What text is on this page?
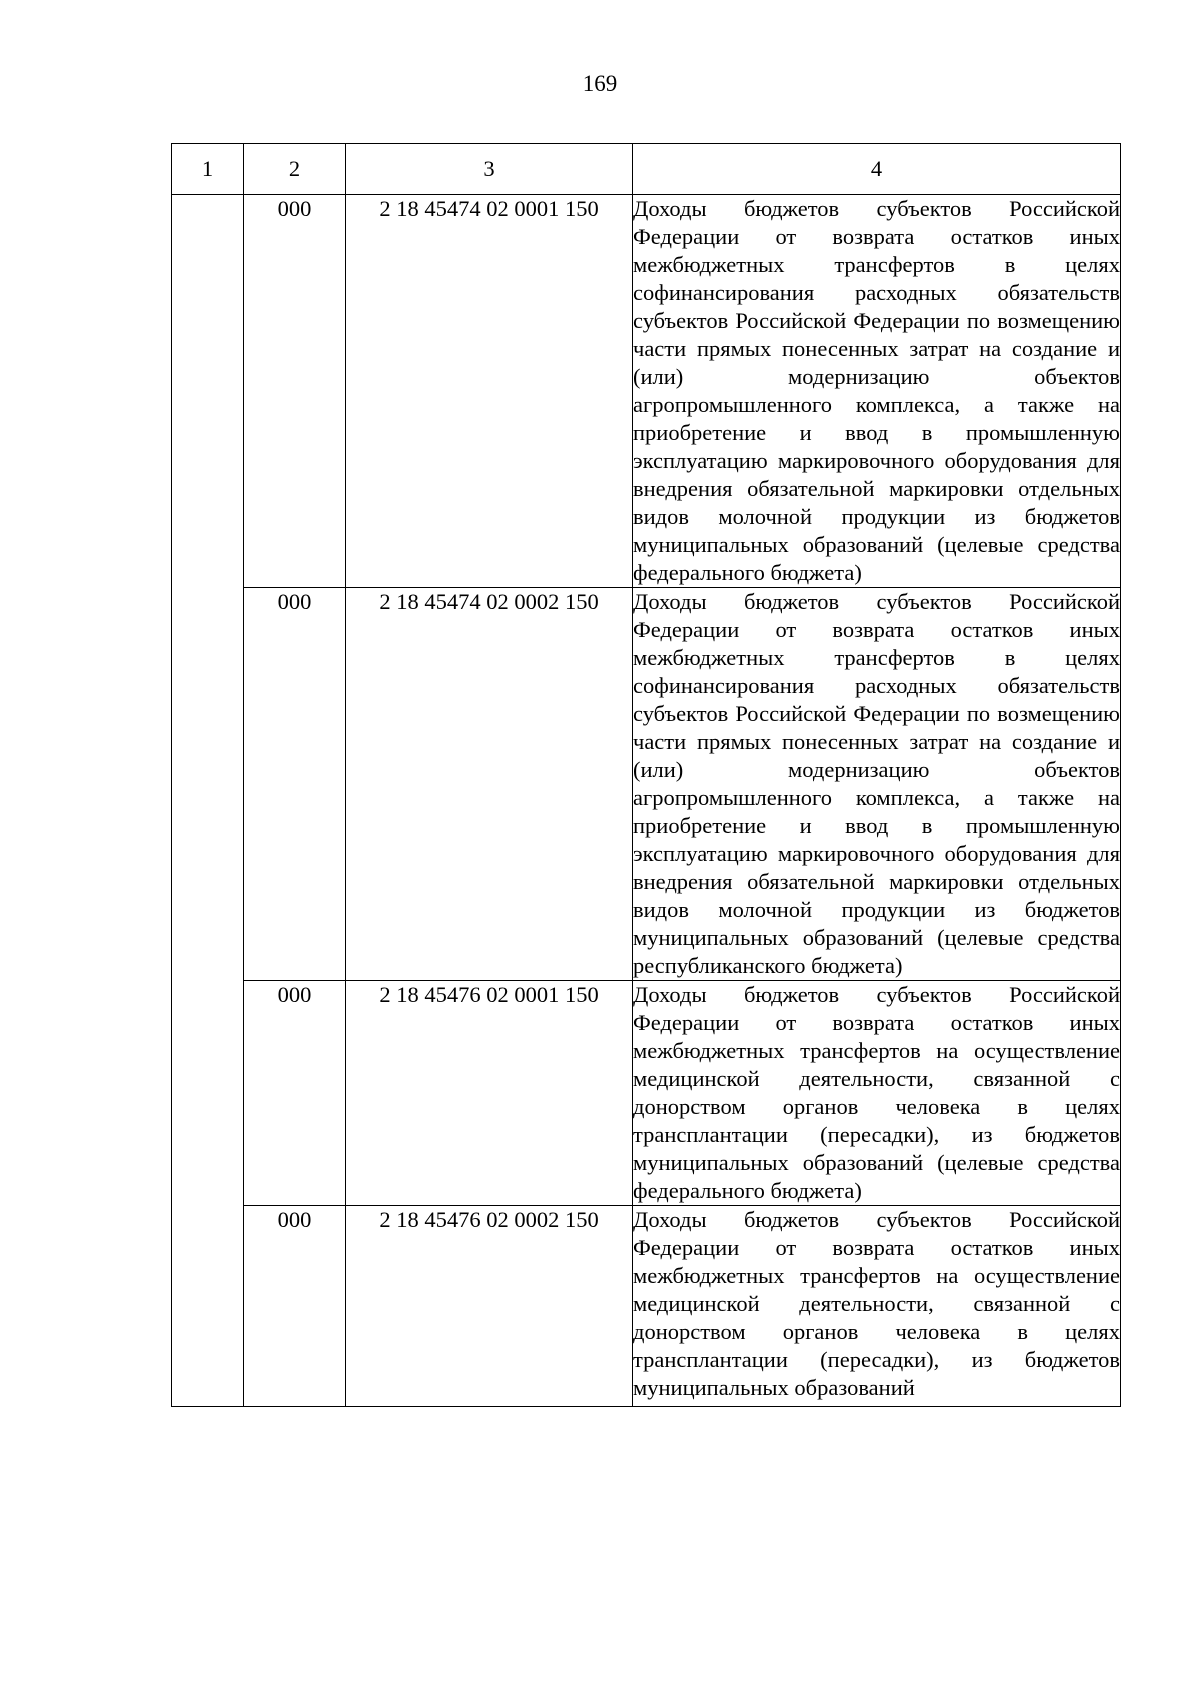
169
1	2	3	4
	000	2 18 45474 02 0001 150	Доходы бюджетов субъектов Российской Федерации от возврата остатков иных межбюджетных трансфертов в целях софинансирования расходных обязательств субъектов Российской Федерации по возмещению части прямых понесенных затрат на создание и (или) модернизацию объектов агропромышленного комплекса, а также на приобретение и ввод в промышленную эксплуатацию маркировочного оборудования для внедрения обязательной маркировки отдельных видов молочной продукции из бюджетов муниципальных образований (целевые средства федерального бюджета)
	000	2 18 45474 02 0002 150	Доходы бюджетов субъектов Российской Федерации от возврата остатков иных межбюджетных трансфертов в целях софинансирования расходных обязательств субъектов Российской Федерации по возмещению части прямых понесенных затрат на создание и (или) модернизацию объектов агропромышленного комплекса, а также на приобретение и ввод в промышленную эксплуатацию маркировочного оборудования для внедрения обязательной маркировки отдельных видов молочной продукции из бюджетов муниципальных образований (целевые средства республиканского бюджета)
	000	2 18 45476 02 0001 150	Доходы бюджетов субъектов Российской Федерации от возврата остатков иных межбюджетных трансфертов на осуществление медицинской деятельности, связанной с донорством органов человека в целях трансплантации (пересадки), из бюджетов муниципальных образований (целевые средства федерального бюджета)
	000	2 18 45476 02 0002 150	Доходы бюджетов субъектов Российской Федерации от возврата остатков иных межбюджетных трансфертов на осуществление медицинской деятельности, связанной с донорством органов человека в целях трансплантации (пересадки), из бюджетов муниципальных образований
